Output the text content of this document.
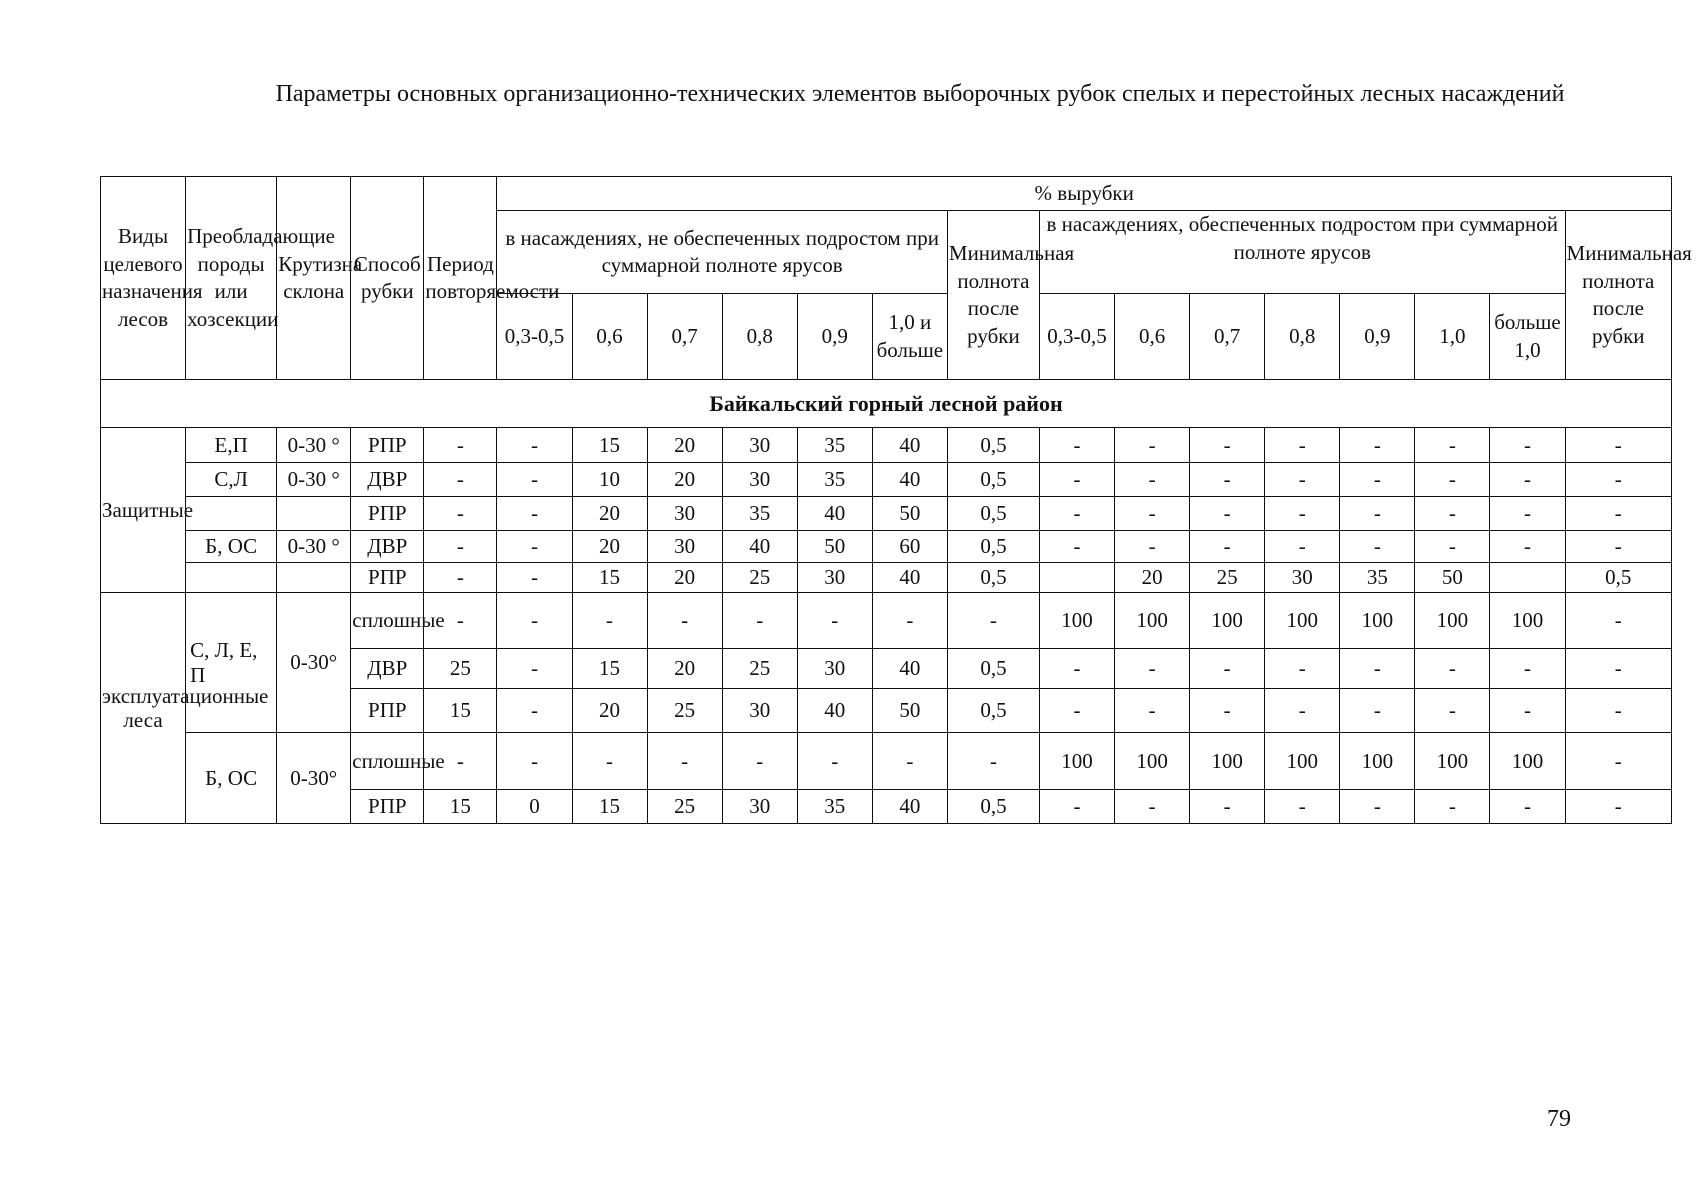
Параметры основных организационно-технических элементов выборочных рубок спелых и перестойных лесных насаждений
Виды целевого назначения лесов	Преобладающие породы или хозсекции	Крутизна склона	Способ рубки	Период повторяемости	% вырубки														
					в насаждениях, не обеспеченных подростом при суммарной полноте ярусов						Минимальная полнота после рубки	в насаждениях, обеспеченных подростом при суммарной полноте ярусов							Минимальная полнота после рубки
					0,3-0,5	0,6	0,7	0,8	0,9	1,0 и больше		0,3-0,5	0,6	0,7	0,8	0,9	1,0	больше 1,0	
Байкальский горный лесной район																			
Защитные	Е,П	0-30 °	РПР	-	-	15	20	30	35	40	0,5	-	-	-	-	-	-	-	-
	С,Л	0-30 °	ДВР	-	-	10	20	30	35	40	0,5	-	-	-	-	-	-	-	-
			РПР	-	-	20	30	35	40	50	0,5	-	-	-	-	-	-	-	-
	Б, ОС	0-30 °	ДВР	-	-	20	30	40	50	60	0,5	-	-	-	-	-	-	-	-
			РПР	-	-	15	20	25	30	40	0,5		20	25	30	35	50		0,5
эксплуатационные леса	С, Л, Е, П	0-30°	сплошные	-	-	-	-	-	-	-	-	100	100	100	100	100	100	100	-
			ДВР	25	-	15	20	25	30	40	0,5	-	-	-	-	-	-	-	-
			РПР	15	-	20	25	30	40	50	0,5	-	-	-	-	-	-	-	-
	Б, ОС	0-30°	сплошные	-	-	-	-	-	-	-	-	100	100	100	100	100	100	100	-
			РПР	15	0	15	25	30	35	40	0,5	-	-	-	-	-	-	-	-
79
